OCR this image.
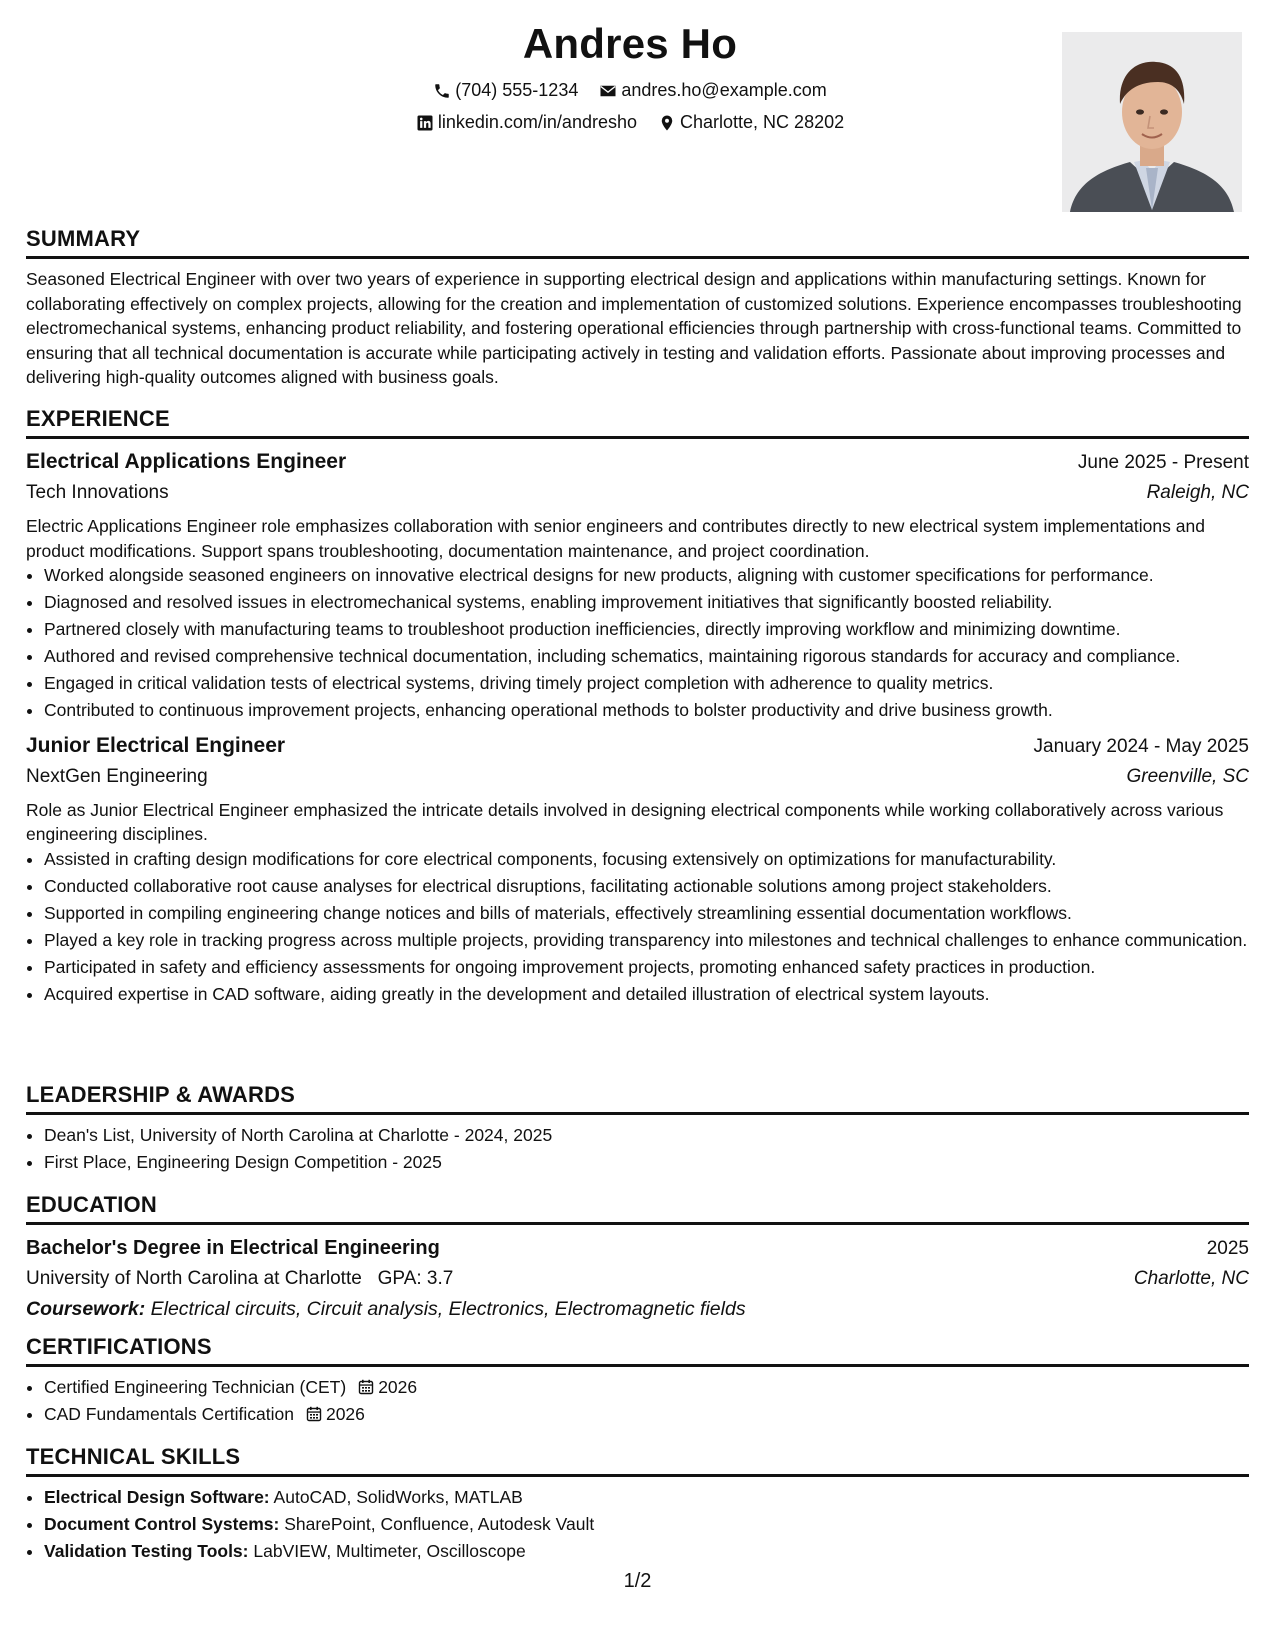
Andres Ho
(704) 555-1234
andres.ho@example.com
linkedin.com/in/andresho
Charlotte, NC 28202
SUMMARY

Seasoned Electrical Engineer with over two years of experience in supporting electrical design and applications within manufacturing settings. Known for collaborating effectively on complex projects, allowing for the creation and implementation of customized solutions. Experience encompasses troubleshooting electromechanical systems, enhancing product reliability, and fostering operational efficiencies through partnership with cross-functional teams. Committed to ensuring that all technical documentation is accurate while participating actively in testing and validation efforts. Passionate about improving processes and delivering high-quality outcomes aligned with business goals.

EXPERIENCE
Electrical Applications Engineer	June 2025 - Present
Tech Innovations	Raleigh, NC

Electric Applications Engineer role emphasizes collaboration with senior engineers and contributes directly to new electrical system implementations and product modifications. Support spans troubleshooting, documentation maintenance, and project coordination.

• Worked alongside seasoned engineers on innovative electrical designs for new products, aligning with customer specifications for performance.
• Diagnosed and resolved issues in electromechanical systems, enabling improvement initiatives that significantly boosted reliability.
• Partnered closely with manufacturing teams to troubleshoot production inefficiencies, directly improving workflow and minimizing downtime.
• Authored and revised comprehensive technical documentation, including schematics, maintaining rigorous standards for accuracy and compliance.
• Engaged in critical validation tests of electrical systems, driving timely project completion with adherence to quality metrics.
• Contributed to continuous improvement projects, enhancing operational methods to bolster productivity and drive business growth.
Junior Electrical Engineer	January 2024 - May 2025
NextGen Engineering	Greenville, SC

Role as Junior Electrical Engineer emphasized the intricate details involved in designing electrical components while working collaboratively across various engineering disciplines.

• Assisted in crafting design modifications for core electrical components, focusing extensively on optimizations for manufacturability.
• Conducted collaborative root cause analyses for electrical disruptions, facilitating actionable solutions among project stakeholders.
• Supported in compiling engineering change notices and bills of materials, effectively streamlining essential documentation workflows.
• Played a key role in tracking progress across multiple projects, providing transparency into milestones and technical challenges to enhance communication.
• Participated in safety and efficiency assessments for ongoing improvement projects, promoting enhanced safety practices in production.
• Acquired expertise in CAD software, aiding greatly in the development and detailed illustration of electrical system layouts.
LEADERSHIP & AWARDS
• Dean's List, University of North Carolina at Charlotte - 2024, 2025
• First Place, Engineering Design Competition - 2025
EDUCATION
Bachelor's Degree in Electrical Engineering	2025
University of North Carolina at Charlotte GPA: 3.7	Charlotte, NC
Coursework: Electrical circuits, Circuit analysis, Electronics, Electromagnetic fields
CERTIFICATIONS
• Certified Engineering Technician (CET) 2026
• CAD Fundamentals Certification 2026
TECHNICAL SKILLS
• Electrical Design Software: AutoCAD, SolidWorks, MATLAB
• Document Control Systems: SharePoint, Confluence, Autodesk Vault
• Validation Testing Tools: LabVIEW, Multimeter, Oscilloscope
1/2
